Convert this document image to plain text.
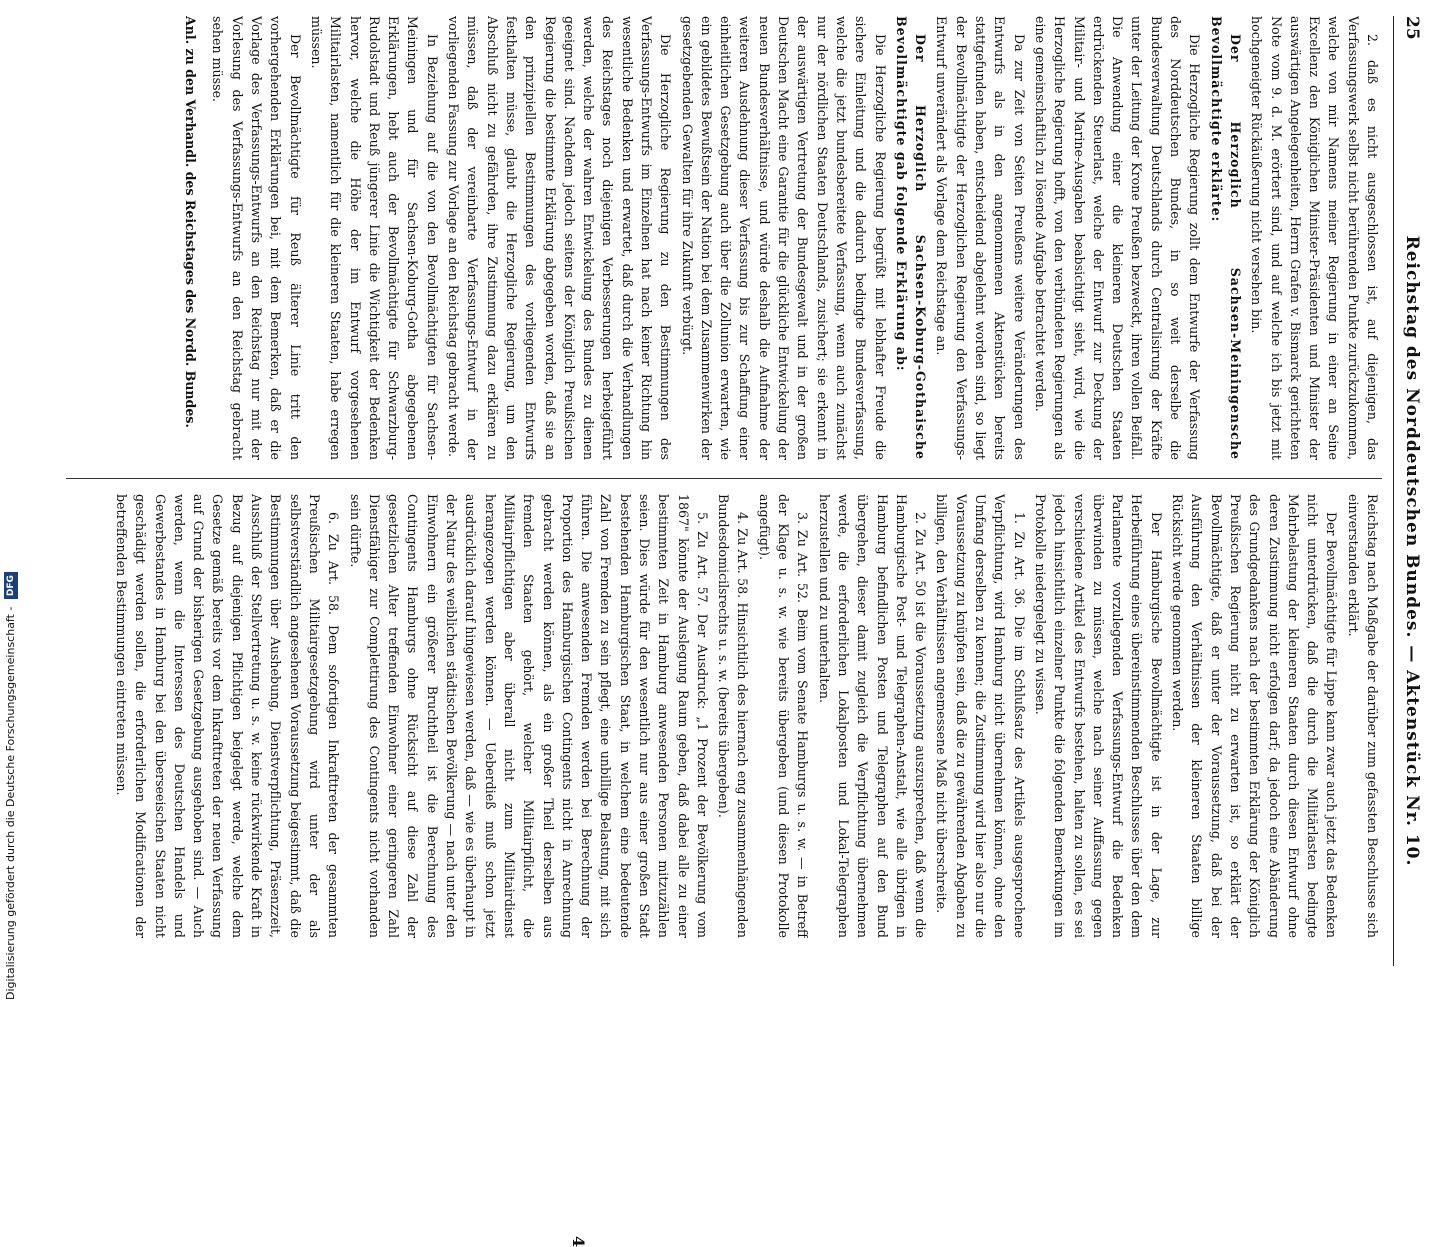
25
Reichstag des Norddeutschen Bundes. — Aktenstück Nr. 10.

2. daß es nicht ausgeschlossen ist, auf diejenigen, das Verfassungswerk selbst nicht berührenden Punkte zurückzukommen, welche von mir Namens meiner Regierung in einer an Seine Excellenz den Königlichen Minister-Präsidenten und Minister der auswärtigen Angelegenheiten, Herrn Grafen v. Bismarck gerichteten Note vom 9. d. M. erörtert sind, und auf welche ich bis jetzt mit hochgeneigter Rückäußerung nicht versehen bin.

Der Herzoglich Sachsen-Meiningensche Bevollmächtigte erklärte:

Die Herzogliche Regierung zollt dem Entwurfe der Verfassung des Norddeutschen Bundes, in so weit derselbe die Bundesverwaltung Deutschlands durch Centralisirung der Kräfte unter der Leitung der Krone Preußen bezweckt, ihren vollen Beifall. Die Anwendung einer die kleineren Deutschen Staaten erdrückenden Steuerlast, welche der Entwurf zur Deckung der Militair- und Marine-Ausgaben beabsichtigt sieht, wird, wie die Herzogliche Regierung hofft, von den verbündeten Regierungen als eine gemeinschaftlich zu lösende Aufgabe betrachtet werden.

Da zur Zeit von Seiten Preußens weitere Veränderungen des Entwurfs als in den angenommenen Aktenstücken bereits stattgefunden haben, entscheidend abgelehnt worden sind, so liegt der Bevollmächtigte der Herzoglichen Regierung den Verfassungs-Entwurf unverändert als Vorlage dem Reichstage an.

Der Herzoglich Sachsen-Koburg-Gothaische Bevollmächtigte gab folgende Erklärung ab:

Die Herzogliche Regierung begrüßt mit lebhafter Freude die sichere Einleitung und die dadurch bedingte Bundesverfassung, welche die jetzt bundesbereitete Verfassung, wenn auch zunächst nur der nördlichen Staaten Deutschlands, zusichert; sie erkennt in der auswärtigen Vertretung der Bundesgewalt und in der großen Deutschen Macht eine Garantie für die glückliche Entwickelung der neuen Bundesverhältnisse, und würde deshalb die Aufnahme der weiteren Ausdehnung dieser Verfassung bis zur Schaffung einer einheitlichen Gesetzgebung auch über die Zollunion erwarten, wie ein gebildetes Bewußtsein der Nation bei dem Zusammenwirken der gesetzgebenden Gewalten für ihre Zukunft verbürgt.

Die Herzogliche Regierung zu den Bestimmungen des Verfassungs-Entwurfs im Einzelnen hat nach keiner Richtung hin wesentliche Bedenken und erwartet, daß durch die Verhandlungen des Reichstages noch diejenigen Verbesserungen herbeigeführt werden, welche der wahren Entwickelung des Bundes zu dienen geeignet sind. Nachdem jedoch seitens der Königlich Preußischen Regierung die bestimmte Erklärung abgegeben worden, daß sie an den prinzipiellen Bestimmungen des vorliegenden Entwurfs festhalten müsse, glaubt die Herzogliche Regierung, um den Abschluß nicht zu gefährden, ihre Zustimmung dazu erklären zu müssen, daß der vereinbarte Verfassungs-Entwurf in der vorliegenden Fassung zur Vorlage an den Reichstag gebracht werde.

In Beziehung auf die von den Bevollmächtigten für Sachsen-Meiningen und für Sachsen-Koburg-Gotha abgegebenen Erklärungen, hebt auch der Bevollmächtigte für Schwarzburg-Rudolstadt und Reuß jüngerer Linie die Wichtigkeit der Bedenken hervor, welche die Höhe der im Entwurf vorgesehenen Militairlasten, namentlich für die kleineren Staaten, habe erregen müssen.

Der Bevollmächtigte für Reuß älterer Linie tritt den vorhergehenden Erklärungen bei, mit dem Bemerken, daß er die Vorlage des Verfassungs-Entwurfs an den Reichstag nur mit der Vorlesung des Verfassungs-Entwurfs an den Reichstag gebracht sehen müsse.

Anl. zu den Verhandl. des Reichstages des Nordd. Bundes.

Reichstag nach Maßgabe der darüber zum gefassten Beschlusse sich einverstanden erklärt.

Der Bevollmächtigte für Lippe kann zwar auch jetzt das Bedenken nicht unterdrücken, daß die durch die Militärlasten bedingte Mehrbelastung der kleineren Staaten durch diesen Entwurf ohne deren Zustimmung nicht erfolgen darf; da jedoch eine Abänderung des Grundgedankens nach der bestimmten Erklärung der Königlich Preußischen Regierung nicht zu erwarten ist, so erklärt der Bevollmächtigte, daß er unter der Voraussetzung, daß bei der Ausführung den Verhältnissen der kleineren Staaten billige Rücksicht werde genommen werden.

Der Hamburgische Bevollmächtigte ist in der Lage, zur Herbeiführung eines übereinstimmenden Beschlusses über den dem Parlamente vorzulegenden Verfassungs-Entwurf die Bedenken überwinden zu müssen, welche nach seiner Auffassung gegen verschiedene Artikel des Entwurfs bestehen, halten zu sollen, es sei jedoch hinsichtlich einzelner Punkte die folgenden Bemerkungen im Protokolle niedergelegt zu wissen.

1. Zu Art. 36. Die im Schlußsatz des Artikels ausgesprochene Verpflichtung, wird Hamburg nicht übernehmen können, ohne den Umfang derselben zu kennen; die Zustimmung wird hier also nur die Voraussetzung zu knüpfen sein, daß die zu gewährenden Abgaben zu billigen, den Verhältnissen angemessene Maß nicht überschreite.

2. Zu Art. 50 ist die Voraussetzung auszusprechen, daß wenn die Hamburgische Post- und Telegraphen-Anstalt, wie alle übrigen in Hamburg befindlichen Posten und Telegraphen auf den Bund übergehen, dieser damit zugleich die Verpflichtung übernehmen werde, die erforderlichen Lokalposten und Lokal-Telegraphen herzustellen und zu unterhalten.

3. Zu Art. 52. Beim vom Senate Hamburgs u. s. w. — in Betreff der Klage u. s. w. wie bereits übergeben (und diesen Protokolle angefügt).

4. Zu Art. 58. Hinsichtlich des hiernach eng zusammenhängenden Bundesdomicilsrechts u. s. w. (bereits übergeben).

5. Zu Art. 57. Der Ausdruck: „1 Prozent der Bevölkerung vom 1867" könnte der Auslegung Raum geben, daß dabei alle zu einer bestimmten Zeit in Hamburg anwesenden Personen mitzuzählen seien. Dies würde für den wesentlich nur aus einer großen Stadt bestehenden Hamburgischen Staat, in welchem eine bedeutende Zahl von Fremden zu sein pflegt, eine unbillige Belastung, mit sich führen. Die anwesenden Fremden werden bei Berechnung der Proportion des Hamburgischen Contingents nicht in Anrechnung gebracht werden können, als ein großer Theil derselben aus fremden Staaten gehört, welcher Militairpflicht, die Militairpflichtigen aber überall nicht zum Militairdienst herangezogen werden können. — Ueberdieß muß schon jetzt ausdrücklich darauf hingewiesen werden, daß — wie es überhaupt in der Natur des weiblichen städtischen Bevölkerung — nach unter den Einwohnern ein größerer Bruchtheil ist die Berechnung des Contingents Hamburgs ohne Rücksicht auf diese Zahl der gesetzlichen Alter treffenden Einwohner einer geringeren Zahl Dienstfähiger zur Complettirung des Contingents nicht vorhanden sein dürfte.

6. Zu Art. 58. Dem sofortigen Inkrafttreten der gesammten Preußischen Militairgesetzgebung wird unter der als selbstverständlich angesehenen Voraussetzung beigestimmt, daß die Bestimmungen über Aushebung, Dienstverpflichtung, Präsenzzeit, Ausschluß der Stellvertretung u. s. w. keine rückwirkende Kraft in Bezug auf diejenigen Pflichtigen beigelegt werde, welche dem Gesetze gemäß bereits vor dem Inkrafttreten der neuen Verfassung auf Grund der bisherigen Gesetzgebung ausgehoben sind. — Auch werden, wenn die Interessen des Deutschen Handels und Gewerbestandes in Hamburg bei den überseeischen Staaten nicht geschädigt werden sollen, die erforderlichen Modificationen der betreffenden Bestimmungen eintreten müssen.

4
Digitalisierung gefördert durch die Deutsche Forschungsgemeinschaft - DFG
